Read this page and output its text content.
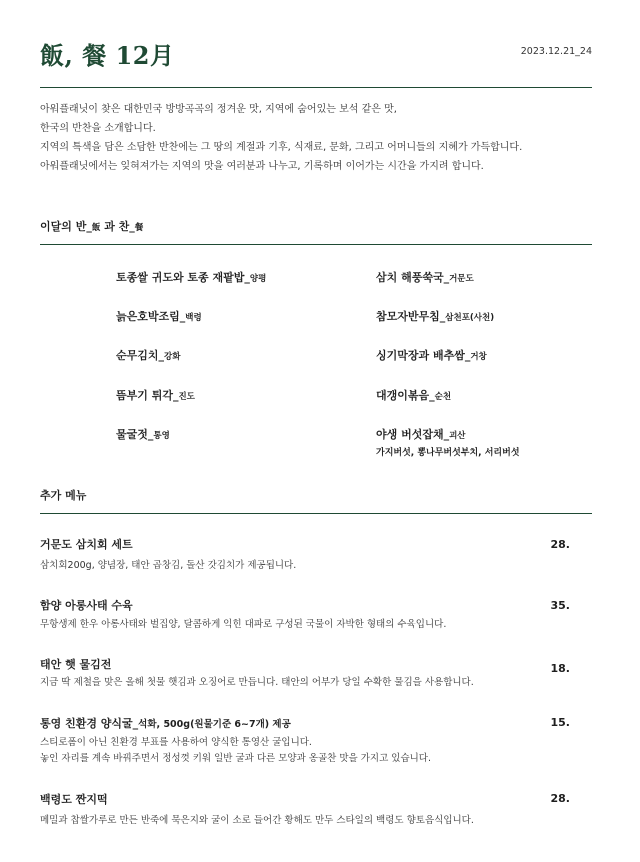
飯, 餐 12月	2023.12.21_24

아워플래닛이 찾은 대한민국 방방곡곡의 정겨운 맛, 지역에 숨어있는 보석 같은 맛,

한국의 반찬을 소개합니다.

지역의 특색을 담은 소담한 반찬에는 그 땅의 계절과 기후, 식재료, 문화, 그리고 어머니들의 지혜가 가득합니다.

아워플래닛에서는 잊혀져가는 지역의 맛을 여러분과 나누고, 기록하며 이어가는 시간을 가지려 합니다.

이달의 반_飯 과 찬_餐
토종쌀 귀도와 토종 재팥밥_양평	삼치 해풍쑥국_거문도
늙은호박조림_백령	참모자반무침_삼천포(사천)
순무김치_강화	싱기막장과 배추쌈_거창
뜸부기 튀각_진도	대갱이볶음_순천
물굴젓_통영	야생 버섯잡채_괴산
가지버섯, 뽕나무버섯부치, 서리버섯
추가 메뉴
거문도 삼치회 세트	28.

삼치회200g, 양념장, 태안 곱창김, 돌산 갓김치가 제공됩니다.

함양 아롱사태 수육	35.

무항생제 한우 아롱사태와 벌집양, 달콤하게 익힌 대파로 구성된 국물이 자박한 형태의 수육입니다.

태안 햇 물김전	18.

지금 딱 제철을 맞은 올해 첫물 햇김과 오징어로 만듭니다. 태안의 어부가 당일 수확한 물김을 사용합니다.

통영 친환경 양식굴_석화, 500g(원물기준 6~7개) 제공	15.

스티로폼이 아닌 친환경 부표를 사용하여 양식한 통영산 굴입니다.

놓인 자리를 계속 바꿔주면서 정성껏 키워 일반 굴과 다른 모양과 옹골찬 맛을 가지고 있습니다.

백령도 짠지떡	28.

메밀과 찹쌀가루로 만든 반죽에 묵은지와 굴이 소로 들어간 황해도 만두 스타일의 백령도 향토음식입니다.
